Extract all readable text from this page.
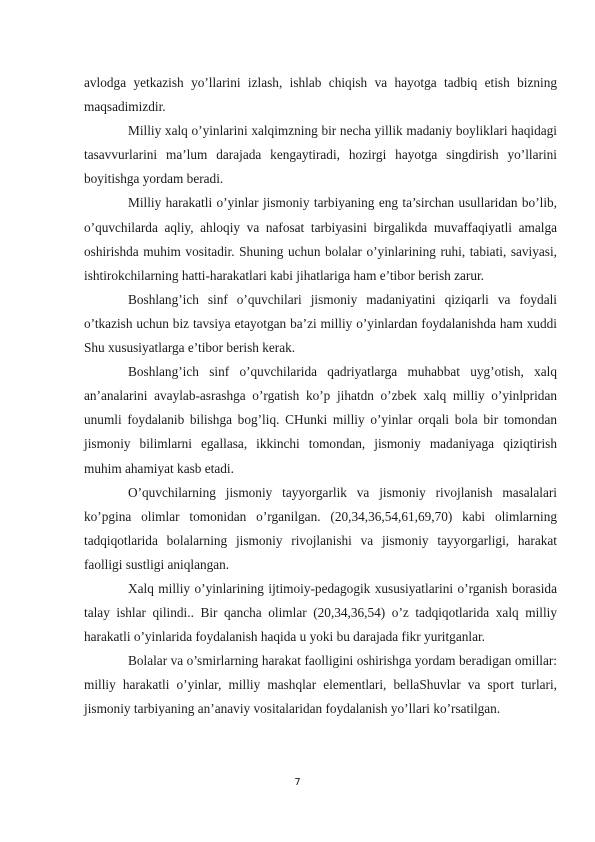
avlodga yetkazish yo’llarini izlash, ishlab chiqish va hayotga tadbiq etish bizning maqsadimizdir.

Milliy xalq o’yinlarini xalqimzning bir necha yillik madaniy boyliklari haqidagi tasavvurlarini ma’lum darajada kengaytiradi, hozirgi hayotga singdirish yo’llarini boyitishga yordam beradi.

Milliy harakatli o’yinlar jismoniy tarbiyaning eng ta’sirchan usullaridan bo’lib, o’quvchilarda aqliy, ahloqiy va nafosat tarbiyasini birgalikda muvaffaqiyatli amalga oshirishda muhim vositadir. Shuning uchun bolalar o’yinlarining ruhi, tabiati, saviyasi, ishtirokchilarning hatti-harakatlari kabi jihatlariga ham e’tibor berish zarur.

Boshlang’ich sinf o’quvchilari jismoniy madaniyatini qiziqarli va foydali o’tkazish uchun biz tavsiya etayotgan ba’zi milliy o’yinlardan foydalanishda ham xuddi Shu xususiyatlarga e’tibor berish kerak.

Boshlang’ich sinf o’quvchilarida qadriyatlarga muhabbat uyg’otish, xalq an’analarini avaylab-asrashga o’rgatish ko’p jihatdn o’zbek xalq milliy o’yinlpridan unumli foydalanib bilishga bog’liq. CHunki milliy o’yinlar orqali bola bir tomondan jismoniy bilimlarni egallasa, ikkinchi tomondan, jismoniy madaniyaga qiziqtirish muhim ahamiyat kasb etadi.

O’quvchilarning jismoniy tayyorgarlik va jismoniy rivojlanish masalalari ko’pgina olimlar tomonidan o’rganilgan. (20,34,36,54,61,69,70) kabi olimlarning tadqiqotlarida bolalarning jismoniy rivojlanishi va jismoniy tayyorgarligi, harakat faolligi sustligi aniqlangan.

Xalq milliy o’yinlarining ijtimoiy-pedagogik xususiyatlarini o’rganish borasida talay ishlar qilindi.. Bir qancha olimlar (20,34,36,54) o’z tadqiqotlarida xalq milliy harakatli o’yinlarida foydalanish haqida u yoki bu darajada fikr yuritganlar.

Bolalar va o’smirlarning harakat faolligini oshirishga yordam beradigan omillar: milliy harakatli o’yinlar, milliy mashqlar elementlari, bellaShuvlar va sport turlari, jismoniy tarbiyaning an’anaviy vositalaridan foydalanish yo’llari ko’rsatilgan.

7
